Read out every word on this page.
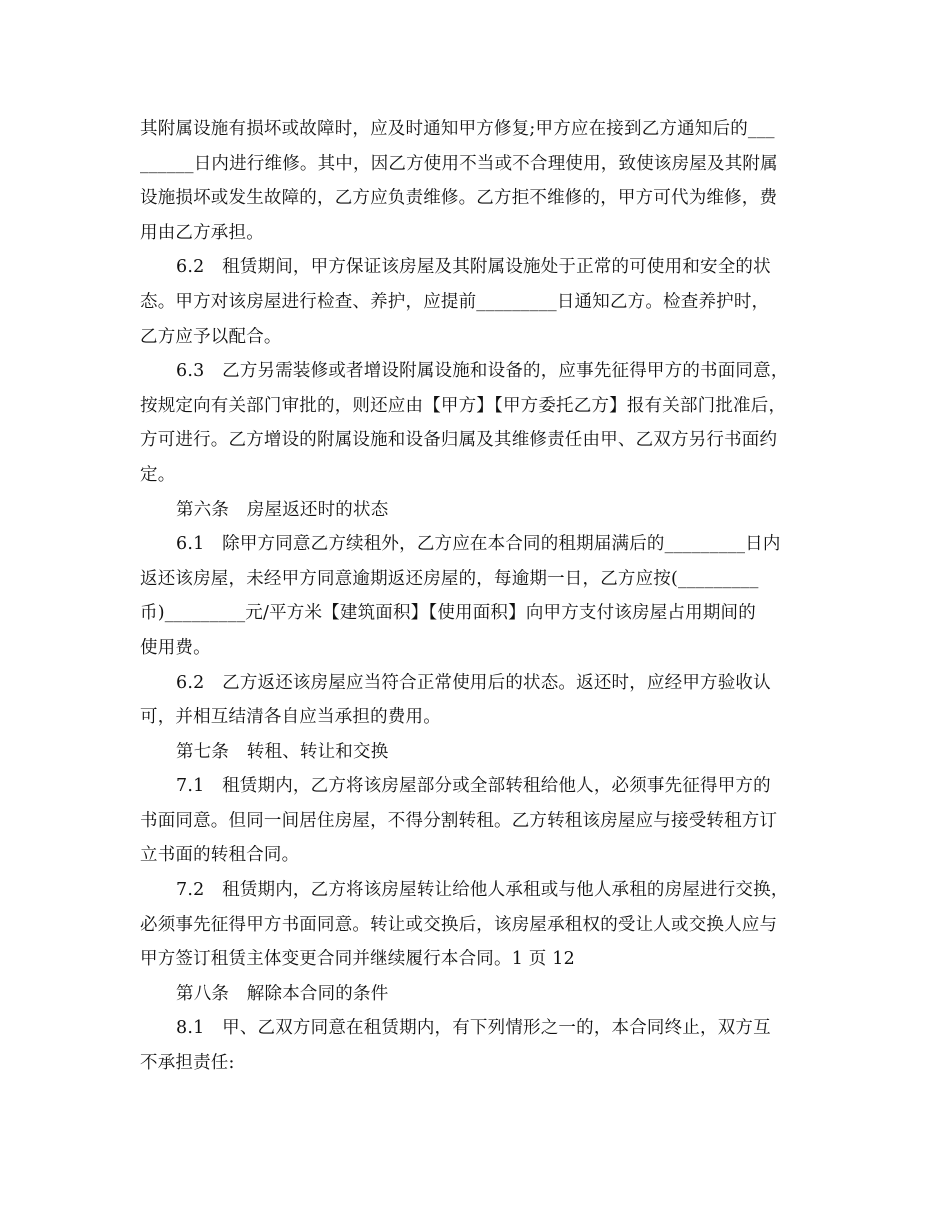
其附属设施有损坏或故障时，应及时通知甲方修复;甲方应在接到乙方通知后的___
______日内进行维修。其中，因乙方使用不当或不合理使用，致使该房屋及其附属
设施损坏或发生故障的，乙方应负责维修。乙方拒不维修的，甲方可代为维修，费
用由乙方承担。
6.2　租赁期间，甲方保证该房屋及其附属设施处于正常的可使用和安全的状
态。甲方对该房屋进行检查、养护，应提前_________日通知乙方。检查养护时，
乙方应予以配合。
6.3　乙方另需装修或者增设附属设施和设备的，应事先征得甲方的书面同意，
按规定向有关部门审批的，则还应由【甲方】【甲方委托乙方】报有关部门批准后，
方可进行。乙方增设的附属设施和设备归属及其维修责任由甲、乙双方另行书面约
定。
第六条　房屋返还时的状态
6.1　除甲方同意乙方续租外，乙方应在本合同的租期届满后的_________日内
返还该房屋，未经甲方同意逾期返还房屋的，每逾期一日，乙方应按(_________
币)_________元/平方米【建筑面积】【使用面积】向甲方支付该房屋占用期间的
使用费。
6.2　乙方返还该房屋应当符合正常使用后的状态。返还时，应经甲方验收认
可，并相互结清各自应当承担的费用。
第七条　转租、转让和交换
7.1　租赁期内，乙方将该房屋部分或全部转租给他人，必须事先征得甲方的
书面同意。但同一间居住房屋，不得分割转租。乙方转租该房屋应与接受转租方订
立书面的转租合同。
7.2　租赁期内，乙方将该房屋转让给他人承租或与他人承租的房屋进行交换，
必须事先征得甲方书面同意。转让或交换后，该房屋承租权的受让人或交换人应与
甲方签订租赁主体变更合同并继续履行本合同。1 页 12
第八条　解除本合同的条件
8.1　甲、乙双方同意在租赁期内，有下列情形之一的，本合同终止，双方互
不承担责任:
